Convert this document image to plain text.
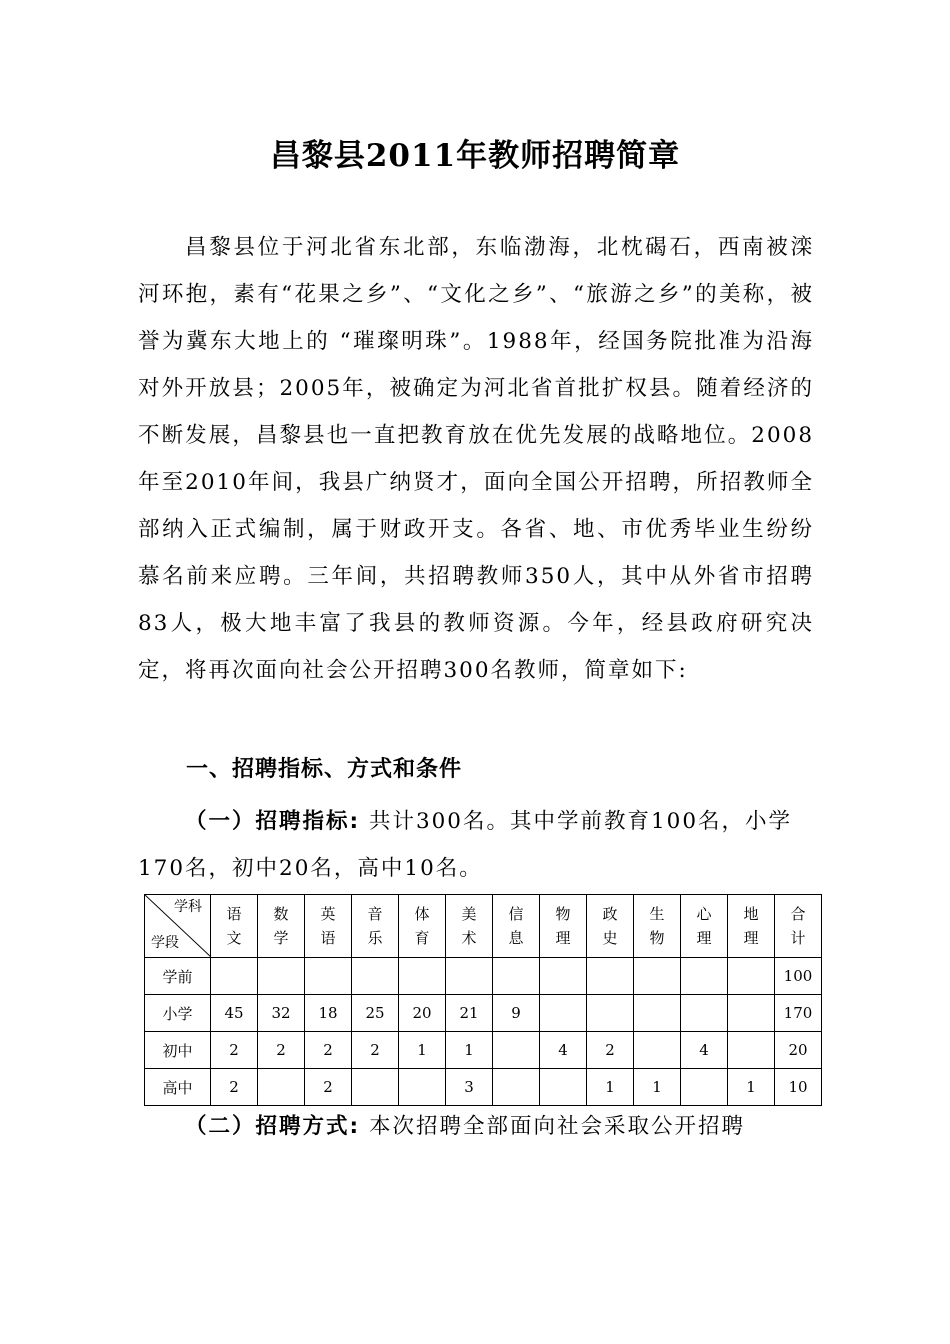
昌黎县2011年教师招聘简章

昌黎县位于河北省东北部，东临渤海，北枕碣石，西南被滦河环抱，素有“花果之乡”、“文化之乡”、“旅游之乡”的美称，被誉为冀东大地上的 “璀璨明珠”。1988年，经国务院批准为沿海对外开放县；2005年，被确定为河北省首批扩权县。随着经济的不断发展，昌黎县也一直把教育放在优先发展的战略地位。2008年至2010年间，我县广纳贤才，面向全国公开招聘，所招教师全部纳入正式编制，属于财政开支。各省、地、市优秀毕业生纷纷慕名前来应聘。三年间，共招聘教师350人，其中从外省市招聘83人，极大地丰富了我县的教师资源。今年，经县政府研究决定，将再次面向社会公开招聘300名教师，简章如下:

一、招聘指标、方式和条件

（一）招聘指标: 共计300名。其中学前教育100名，小学170名，初中20名，高中10名。

学科
学段	语文	数学	英语	音乐	体育	美术	信息	物理	政史	生物	心理	地理	合计
学前													100
小学	45	32	18	25	20	21	9						170
初中	2	2	2	2	1	1		4	2		4		20
高中	2		2			3			1	1		1	10

（二）招聘方式: 本次招聘全部面向社会采取公开招聘
